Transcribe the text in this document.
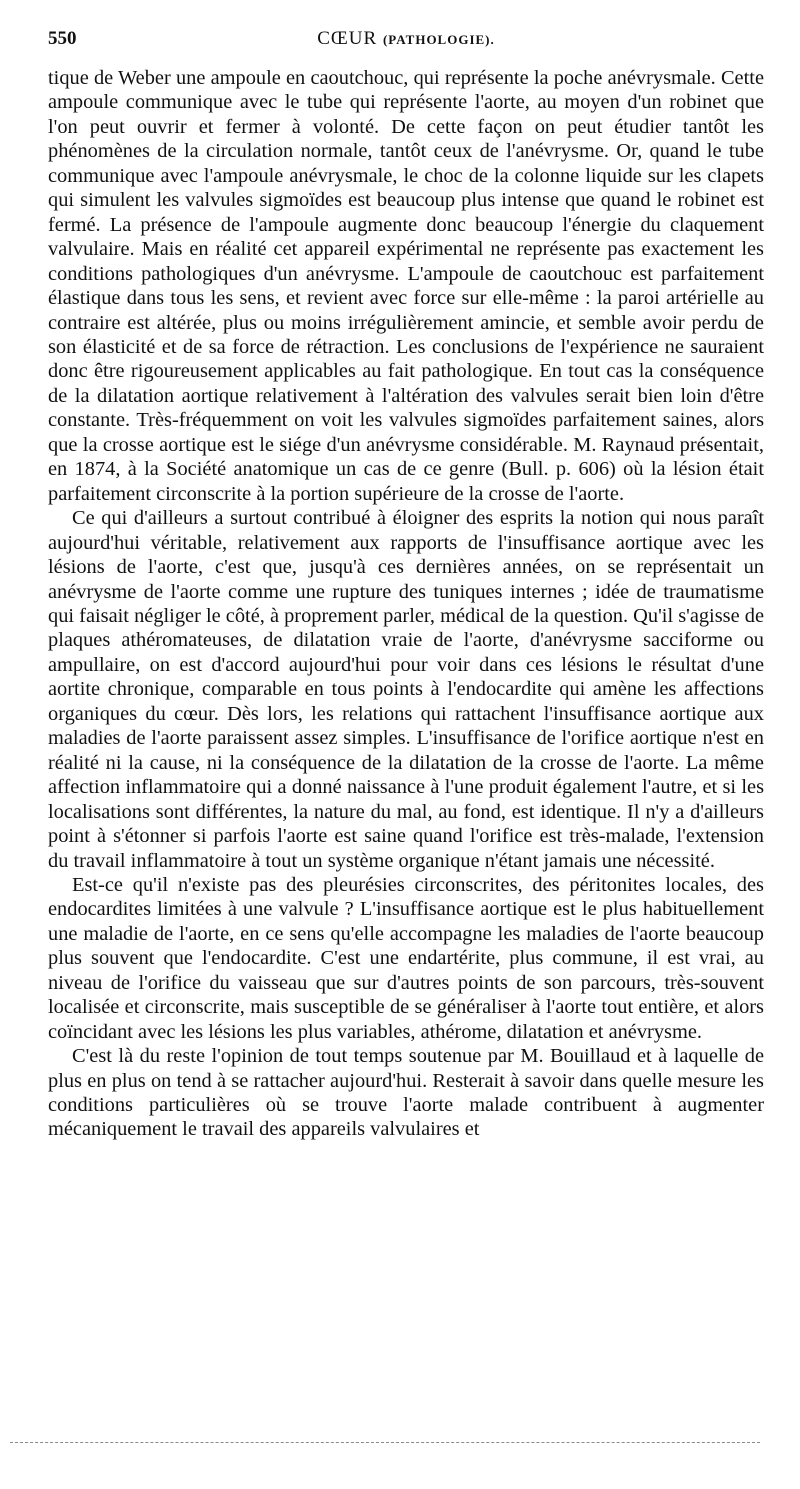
550	CŒUR (PATHOLOGIE).

tique de Weber une ampoule en caoutchouc, qui représente la poche anévrysmale. Cette ampoule communique avec le tube qui représente l'aorte, au moyen d'un robinet que l'on peut ouvrir et fermer à volonté. De cette façon on peut étudier tantôt les phénomènes de la circulation normale, tantôt ceux de l'anévrysme. Or, quand le tube communique avec l'ampoule anévrysmale, le choc de la colonne liquide sur les clapets qui simulent les valvules sigmoïdes est beaucoup plus intense que quand le robinet est fermé. La présence de l'ampoule augmente donc beaucoup l'énergie du claquement valvulaire. Mais en réalité cet appareil expérimental ne représente pas exactement les conditions pathologiques d'un anévrysme. L'ampoule de caoutchouc est parfaitement élastique dans tous les sens, et revient avec force sur elle-même : la paroi artérielle au contraire est altérée, plus ou moins irrégulièrement amincie, et semble avoir perdu de son élasticité et de sa force de rétraction. Les conclusions de l'expérience ne sauraient donc être rigoureusement applicables au fait pathologique. En tout cas la conséquence de la dilatation aortique relativement à l'altération des valvules serait bien loin d'être constante. Très-fréquemment on voit les valvules sigmoïdes parfaitement saines, alors que la crosse aortique est le siége d'un anévrysme considérable. M. Raynaud présentait, en 1874, à la Société anatomique un cas de ce genre (Bull. p. 606) où la lésion était parfaitement circonscrite à la portion supérieure de la crosse de l'aorte.

Ce qui d'ailleurs a surtout contribué à éloigner des esprits la notion qui nous paraît aujourd'hui véritable, relativement aux rapports de l'insuffisance aortique avec les lésions de l'aorte, c'est que, jusqu'à ces dernières années, on se représentait un anévrysme de l'aorte comme une rupture des tuniques internes ; idée de traumatisme qui faisait négliger le côté, à proprement parler, médical de la question. Qu'il s'agisse de plaques athéromateuses, de dilatation vraie de l'aorte, d'anévrysme sacciforme ou ampullaire, on est d'accord aujourd'hui pour voir dans ces lésions le résultat d'une aortite chronique, comparable en tous points à l'endocardite qui amène les affections organiques du cœur. Dès lors, les relations qui rattachent l'insuffisance aortique aux maladies de l'aorte paraissent assez simples. L'insuffisance de l'orifice aortique n'est en réalité ni la cause, ni la conséquence de la dilatation de la crosse de l'aorte. La même affection inflammatoire qui a donné naissance à l'une produit également l'autre, et si les localisations sont différentes, la nature du mal, au fond, est identique. Il n'y a d'ailleurs point à s'étonner si parfois l'aorte est saine quand l'orifice est très-malade, l'extension du travail inflammatoire à tout un système organique n'étant jamais une nécessité.

Est-ce qu'il n'existe pas des pleurésies circonscrites, des péritonites locales, des endocardites limitées à une valvule ? L'insuffisance aortique est le plus habituellement une maladie de l'aorte, en ce sens qu'elle accompagne les maladies de l'aorte beaucoup plus souvent que l'endocardite. C'est une endartérite, plus commune, il est vrai, au niveau de l'orifice du vaisseau que sur d'autres points de son parcours, très-souvent localisée et circonscrite, mais susceptible de se généraliser à l'aorte tout entière, et alors coïncidant avec les lésions les plus variables, athérome, dilatation et anévrysme.

C'est là du reste l'opinion de tout temps soutenue par M. Bouillaud et à laquelle de plus en plus on tend à se rattacher aujourd'hui. Resterait à savoir dans quelle mesure les conditions particulières où se trouve l'aorte malade contribuent à augmenter mécaniquement le travail des appareils valvulaires et
